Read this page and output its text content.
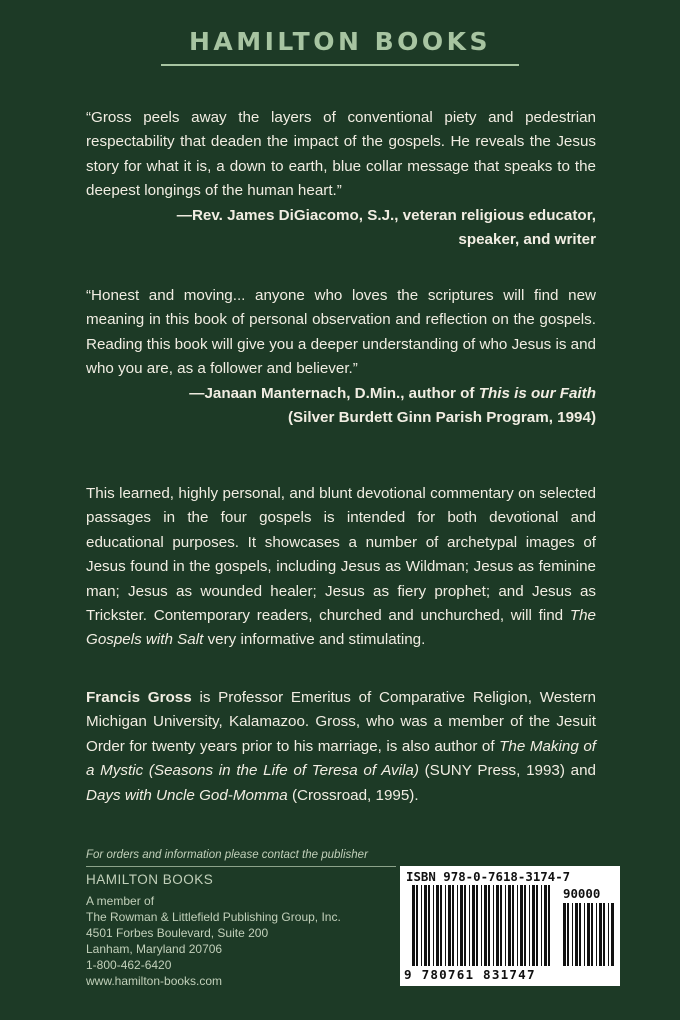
HAMILTON BOOKS
“Gross peels away the layers of conventional piety and pedestrian respectability that deaden the impact of the gospels. He reveals the Jesus story for what it is, a down to earth, blue collar message that speaks to the deepest longings of the human heart.”
—Rev. James DiGiacomo, S.J., veteran religious educator,
speaker, and writer
“Honest and moving... anyone who loves the scriptures will find new meaning in this book of personal observation and reflection on the gospels. Reading this book will give you a deeper understanding of who Jesus is and who you are, as a follower and believer.”
—Janaan Manternach, D.Min., author of This is our Faith
(Silver Burdett Ginn Parish Program, 1994)
This learned, highly personal, and blunt devotional commentary on selected passages in the four gospels is intended for both devotional and educational purposes. It showcases a number of archetypal images of Jesus found in the gospels, including Jesus as Wildman; Jesus as feminine man; Jesus as wounded healer; Jesus as fiery prophet; and Jesus as Trickster. Contemporary readers, churched and unchurched, will find The Gospels with Salt very informative and stimulating.
Francis Gross is Professor Emeritus of Comparative Religion, Western Michigan University, Kalamazoo. Gross, who was a member of the Jesuit Order for twenty years prior to his marriage, is also author of The Making of a Mystic (Seasons in the Life of Teresa of Avila) (SUNY Press, 1993) and Days with Uncle God-Momma (Crossroad, 1995).
For orders and information please contact the publisher
HAMILTON BOOKS
A member of
The Rowman & Littlefield Publishing Group, Inc.
4501 Forbes Boulevard, Suite 200
Lanham, Maryland 20706
1-800-462-6420
www.hamilton-books.com
ISBN 978-0-7618-3174-7
90000
9 780761 831747
